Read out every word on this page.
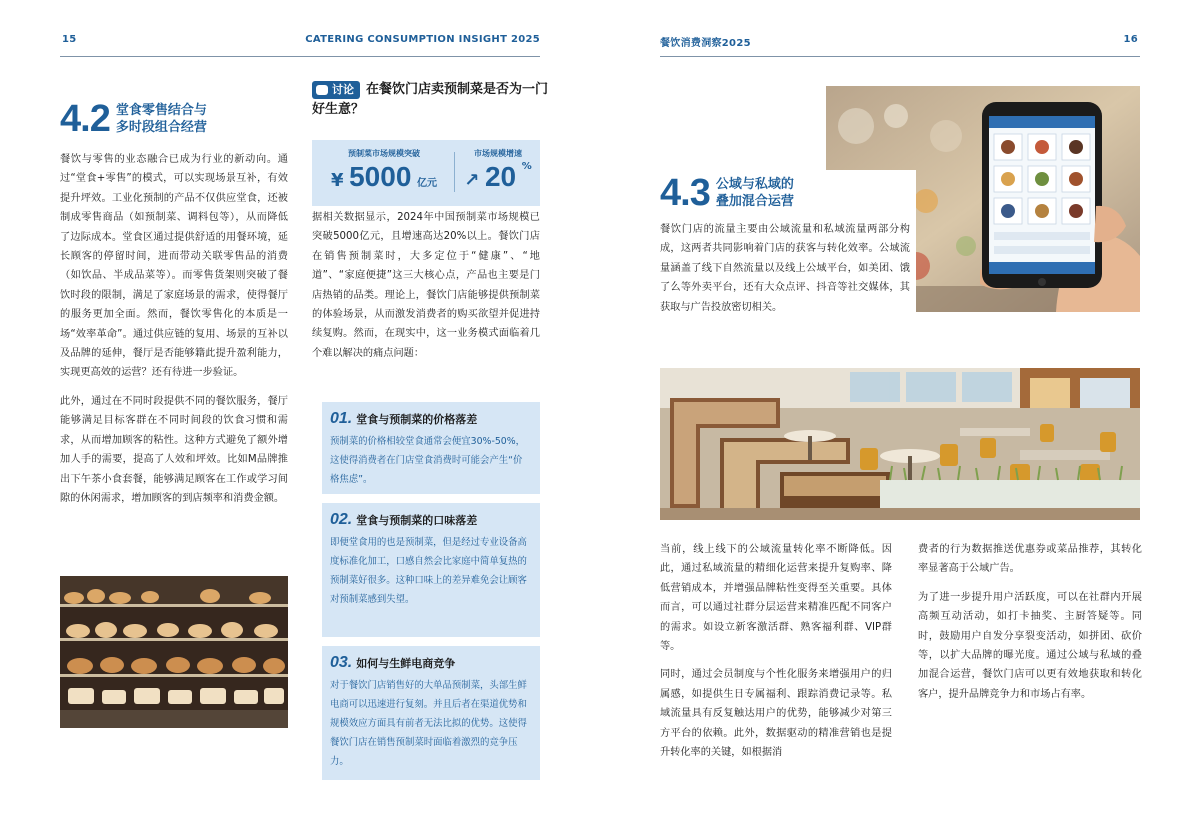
15	CATERING CONSUMPTION INSIGHT 2025
4.2 堂食零售结合与
多时段组合经营

餐饮与零售的业态融合已成为行业的新动向。通过“堂食+零售”的模式，可以实现场景互补，有效提升坪效。工业化预制的产品不仅供应堂食，还被制成零售商品（如预制菜、调料包等），从而降低了边际成本。堂食区通过提供舒适的用餐环境，延长顾客的停留时间，进而带动关联零售品的消费（如饮品、半成品菜等）。而零售货架则突破了餐饮时段的限制，满足了家庭场景的需求，使得餐厅的服务更加全面。然而，餐饮零售化的本质是一场“效率革命”。通过供应链的复用、场景的互补以及品牌的延伸，餐厅是否能够籍此提升盈利能力，实现更高效的运营？还有待进一步验证。

此外，通过在不同时段提供不同的餐饮服务，餐厅能够满足目标客群在不同时间段的饮食习惯和需求，从而增加顾客的粘性。这种方式避免了额外增加人手的需要，提高了人效和坪效。比如M品牌推出下午茶小食套餐，能够满足顾客在工作或学习间隙的休闲需求，增加顾客的到店频率和消费金额。

讨论 在餐饮门店卖预制菜是否为一门好生意？
预制菜市场规模突破
¥ 5000 亿元
市场规模增速
↗ 20 %

据相关数据显示，2024年中国预制菜市场规模已突破5000亿元，且增速高达20%以上。餐饮门店在销售预制菜时，大多定位于“健康”、“地道”、“家庭便捷”这三大核心点，产品也主要是门店热销的品类。理论上，餐饮门店能够提供预制菜的体验场景，从而激发消费者的购买欲望并促进持续复购。然而，在现实中，这一业务模式面临着几个难以解决的痛点问题：

01. 堂食与预制菜的价格落差
预制菜的价格相较堂食通常会便宜30%-50%，这使得消费者在门店堂食消费时可能会产生“价格焦虑”。
02. 堂食与预制菜的口味落差
即便堂食用的也是预制菜，但是经过专业设备高度标准化加工，口感自然会比家庭中简单复热的预制菜好很多。这种口味上的差异难免会让顾客对预制菜感到失望。
03. 如何与生鲜电商竞争
对于餐饮门店销售好的大单品预制菜，头部生鲜电商可以迅速进行复刻。并且后者在渠道优势和规模效应方面具有前者无法比拟的优势。这使得餐饮门店在销售预制菜时面临着激烈的竞争压力。
餐饮消费洞察2025	16
4.3 公域与私域的
叠加混合运营

餐饮门店的流量主要由公域流量和私域流量两部分构成，这两者共同影响着门店的获客与转化效率。公域流量涵盖了线下自然流量以及线上公域平台，如美团、饿了么等外卖平台，还有大众点评、抖音等社交媒体，其获取与广告投放密切相关。

当前，线上线下的公域流量转化率不断降低。因此，通过私域流量的精细化运营来提升复购率、降低营销成本，并增强品牌粘性变得至关重要。具体而言，可以通过社群分层运营来精准匹配不同客户的需求。如设立新客激活群、熟客福利群、VIP群等。

同时，通过会员制度与个性化服务来增强用户的归属感，如提供生日专属福利、跟踪消费记录等。私域流量具有反复触达用户的优势，能够减少对第三方平台的依赖。此外，数据驱动的精准营销也是提升转化率的关键，如根据消

费者的行为数据推送优惠券或菜品推荐，其转化率显著高于公域广告。

为了进一步提升用户活跃度，可以在社群内开展高频互动活动，如打卡抽奖、主厨答疑等。同时，鼓励用户自发分享裂变活动，如拼团、砍价等，以扩大品牌的曝光度。通过公域与私域的叠加混合运营，餐饮门店可以更有效地获取和转化客户，提升品牌竞争力和市场占有率。
